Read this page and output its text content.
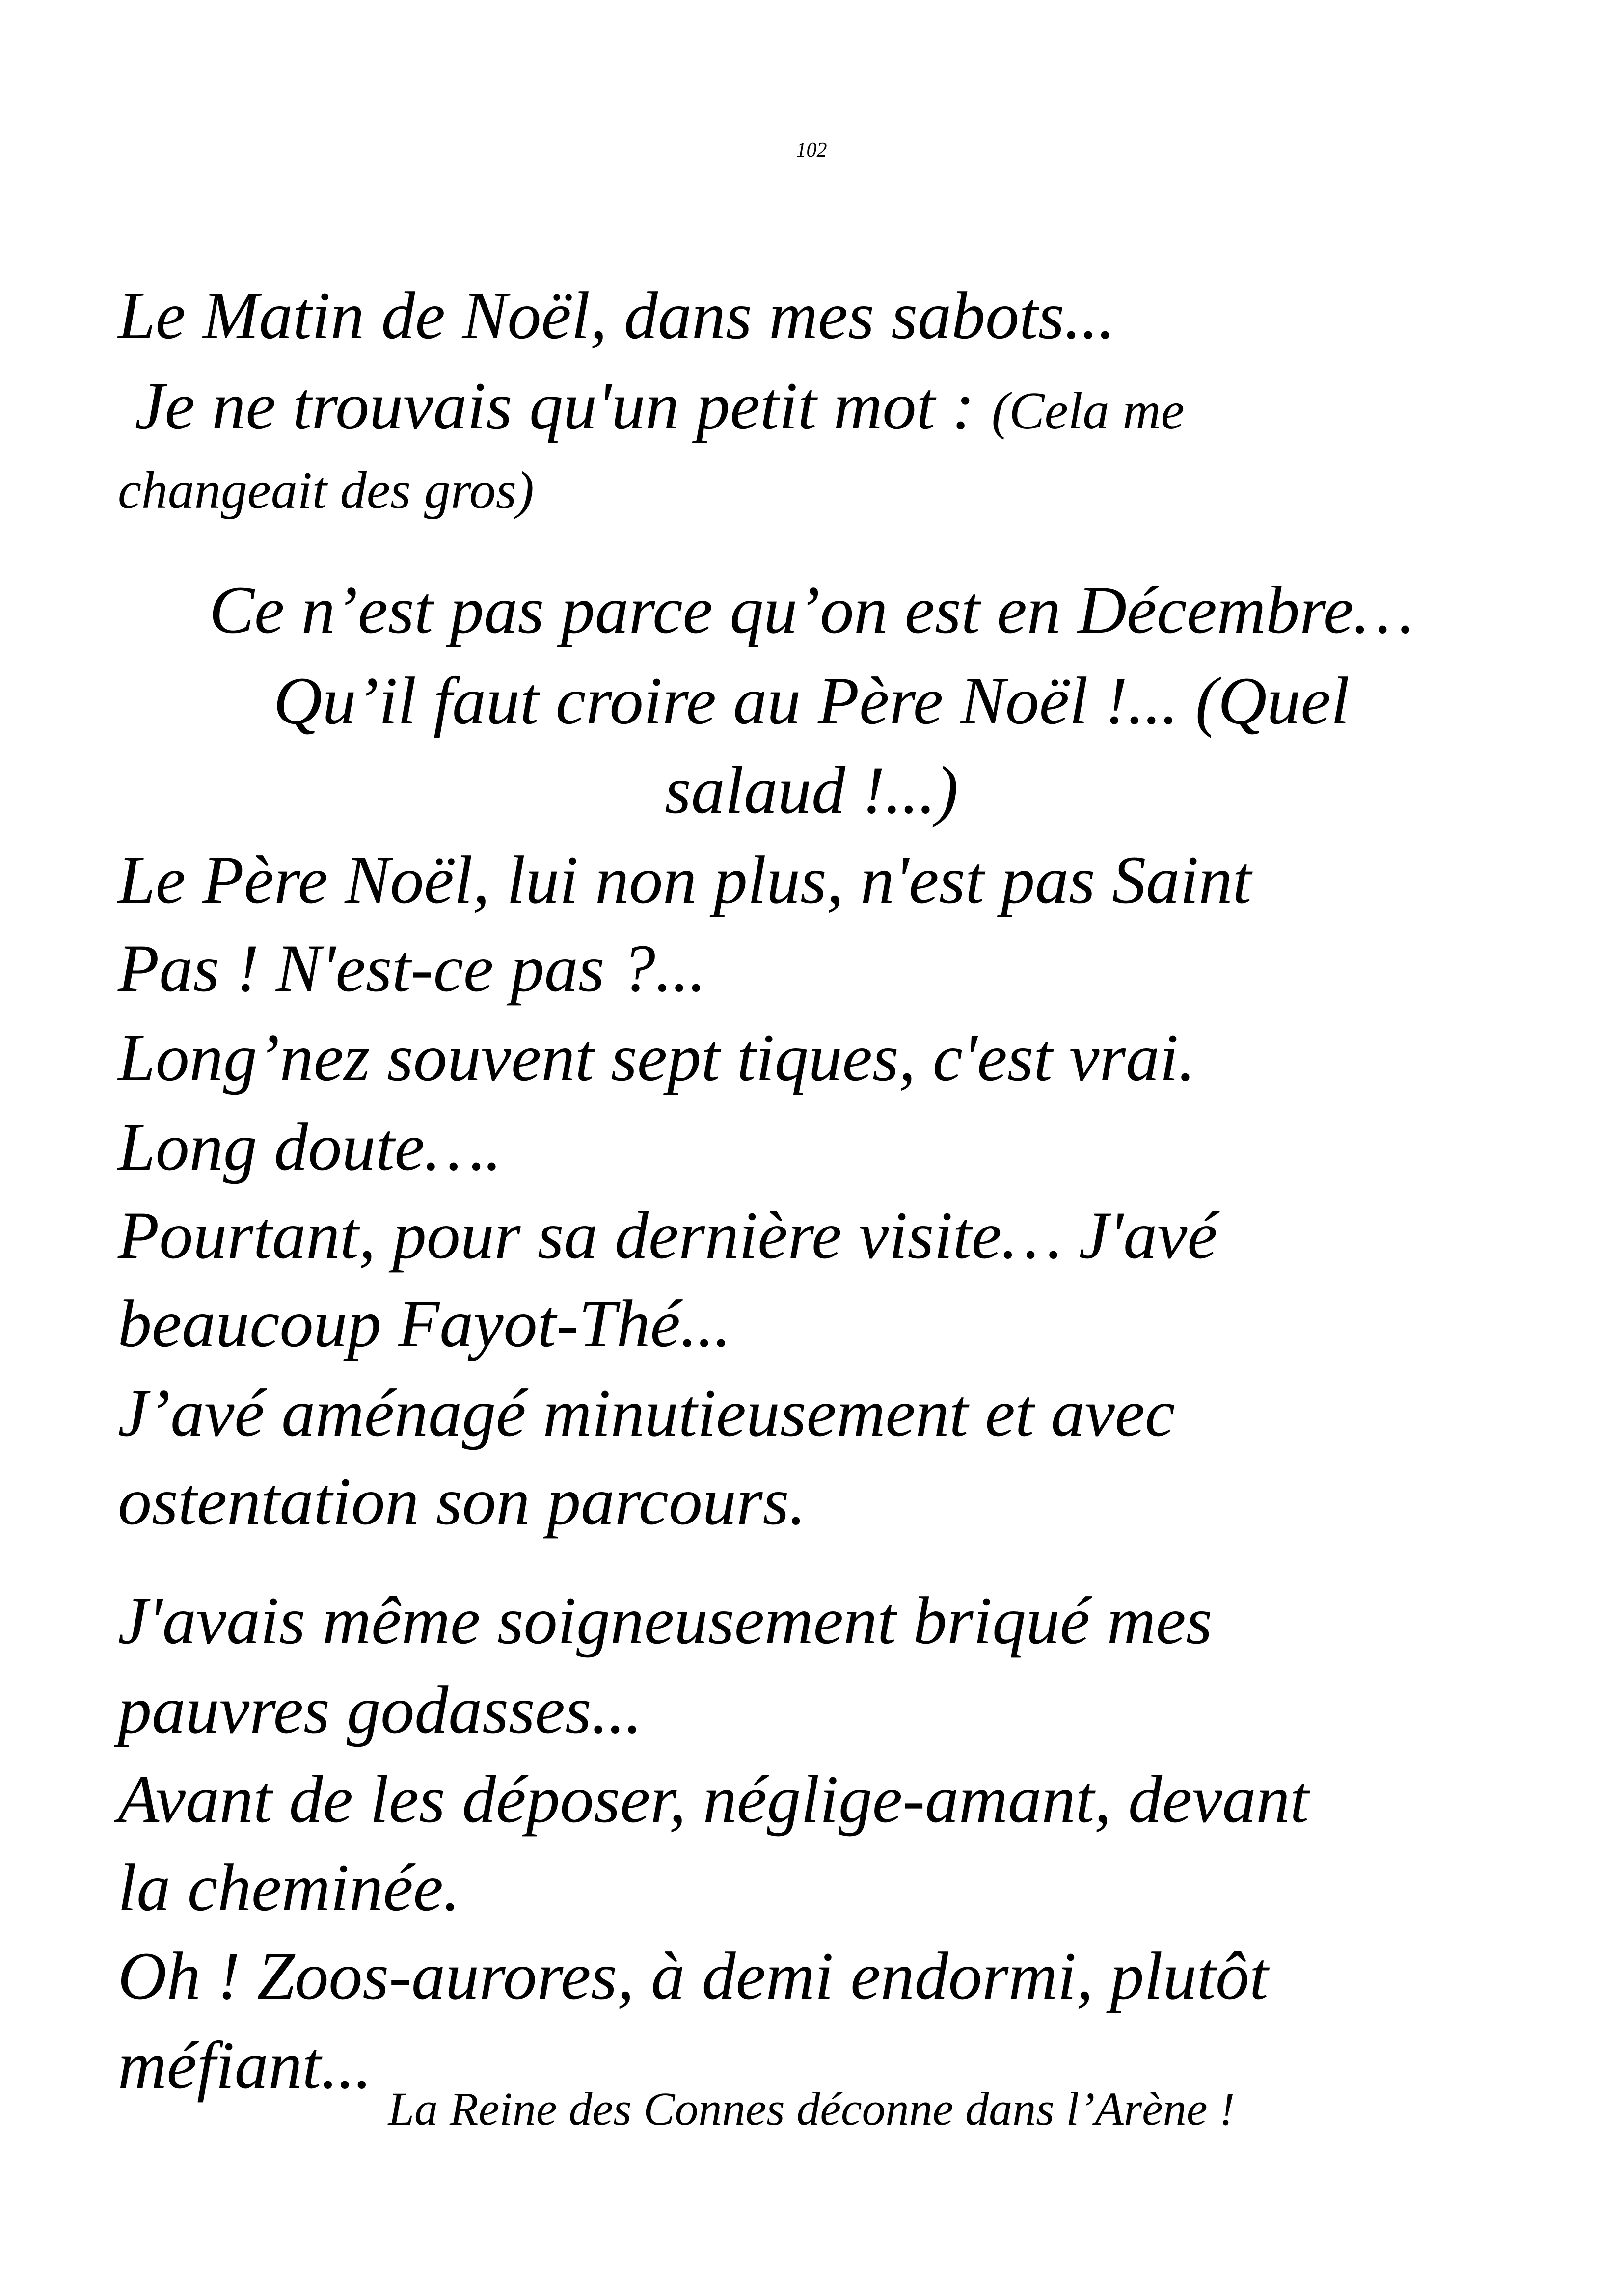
102
Le Matin de Noël, dans mes sabots...
Je ne trouvais qu'un petit mot : (Cela me
changeait des gros)
Ce n’est pas parce qu’on est en Décembre…
Qu’il faut croire au Père Noël !... (Quel
salaud !...)
Le Père Noël, lui non plus, n'est pas Saint
Pas ! N'est-ce pas ?...
Long’nez souvent sept tiques, c'est vrai.
Long doute….
Pourtant, pour sa dernière visite… J'avé
beaucoup Fayot-Thé...
J’avé aménagé minutieusement et avec
ostentation son parcours.
J'avais même soigneusement briqué mes
pauvres godasses...
Avant de les déposer, néglige-amant, devant
la cheminée.
Oh ! Zoos-aurores, à demi endormi, plutôt
méfiant...
La Reine des Connes déconne dans l’Arène !
